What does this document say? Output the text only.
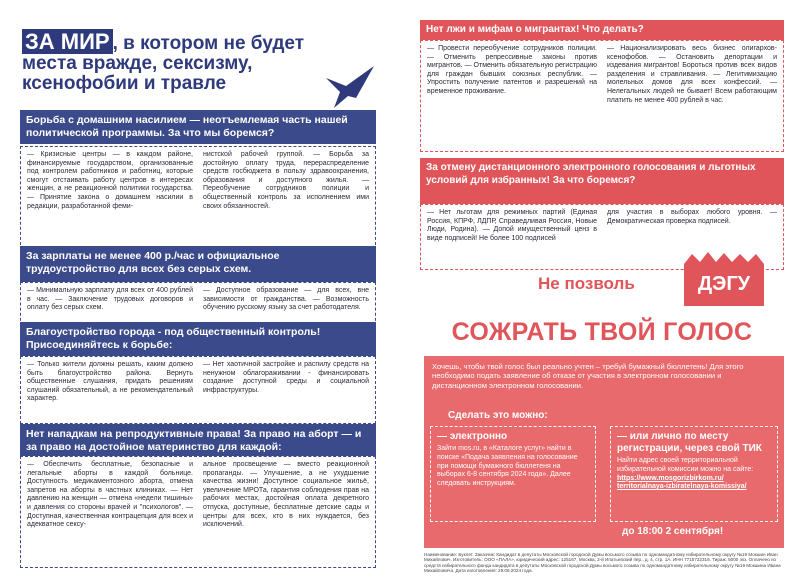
ЗА МИР , в котором не будет места вражде, сексизму, ксенофобии и травле
Борьба с домашним насилием — неотъемлемая часть нашей политической программы. За что мы боремся?
— Кризисные центры — в каждом районе, финансируемые государством, организованные под контролем работников и работниц, которые смогут отстаивать работу центров в интересах женщин, а не реакционной политики государства. — Принятие закона о домашнем насилии в редакции, разработанной феми-
нистской рабочей группой. — Борьба за достойную оплату труда, перераспределение средств госбюджета в пользу здравоохранения, образования и доступного жилья. — Переобучение сотрудников полиции и общественный контроль за исполнением ими своих обязанностей.
За зарплаты не менее 400 р./час и официальное трудоустройство для всех без серых схем.
— Минимальную зарплату для всех от 400 рублей в час. — Заключение трудовых договоров и оплату без серых схем.
— Доступное образование — для всех, вне зависимости от гражданства. — Возможность обучению русскому языку за счет работодателя.
Благоустройство города - под общественный контроль! Присоединяйтесь к борьбе:
— Только жители должны решать, каким должно быть благоустройство района. Вернуть общественные слушания, придать решениям слушаний обязательный, а не рекомендательный характер.
— Нет хаотичной застройке и распилу средств на ненужном облагораживании - финансировать создание доступной среды и социальной инфраструктуры.
Нет нападкам на репродуктивные права! За право на аборт — и за право на достойное материнство для каждой:
— Обеспечить бесплатные, безопасные и легальные аборты в каждой больнице. Доступность медикаментозного аборта, отмена запретов на аборты в частных клиниках. — Нет давлению на женщин — отмена «недели тишины» и давления со стороны врачей и "психологов". — Доступная, качественная контрацепция для всех и адекватное сексу-
альное просвещение — вместо реакционной пропаганды. — Улучшение, а не ухудшение качества жизни! Доступное социальное жильё, увеличение МРОТа, гарантия соблюдения прав на рабочих местах, достойная оплата декретного отпуска, доступные, бесплатные детские сады и центры для всех, кто в них нуждается, без исключений.
Нет лжи и мифам о мигрантах! Что делать?
— Провести переобучение сотрудников полиции. — Отменить репрессивные законы против мигрантов. — Отменить обязательную регистрацию для граждан бывших союзных республик. — Упростить получение патентов и разрешений на временное проживание.
— Национализировать весь бизнес олигархов-ксенофобов. — Остановить депортации и издевания мигрантов! Бороться против всех видов разделения и стравливания. — Легитимизацию молельных домов для всех конфессий. — Нелегальных людей не бывает! Всем работающим платить не менее 400 рублей в час.
За отмену дистанционного электронного голосования и льготных условий для избранных! За что боремся?
— Нет льготам для режимных партий (Единая Россия, КПРФ, ЛДПР, Справедливая Россия, Новые Люди, Родина). — Допой имущественный ценз в виде подписей! Не более 100 подписей
для участия в выборах любого уровня. — Демократическая проверка подписей.
Не позволь	ДЭГУ
СОЖРАТЬ ТВОЙ ГОЛОС
Хочешь, чтобы твой голос был реально учтен – требуй бумажный бюллетень! Для этого необходимо подать заявление об отказе от участия в электронном голосовании и дистанционном электронном голосовании.
Сделать это можно:
— электронно
Зайти mos.ru, в «Каталоге услуг» найти в поиске «Подача заявления на голосование при помощи бумажного бюллетеня на выборах 6-8 сентября 2024 года». Далее следовать инструкциям.
— или лично по месту регистрации, через свой ТИК
Найти адрес своей территориальной избирательной комиссии можно на сайте:
https://www.mosgorizbirkom.ru/
territorialnaya-izbiratelnaya-komissiya/
до 18:00 2 сентября!
Наименование: Буклет. Заказчик: Кандидат в депутаты Московской городской Думы восьмого созыва по одномандатному избирательному округу №19 Мокшин Иван Михайлович. Изготовитель: ООО «ПАЛА», юридический адрес: 125167, Москва, 2-й Ипатьевский пер., д. 4, стр. 1А. ИНН 7715722316. Тираж: 5000 экз. Оплачено из средств избирательного фонда кандидата в депутаты Московской городской Думы восьмого созыва по одномандатному избирательному округу №19 Мокшина Ивана Михайловича. Дата изготовления: 29.08.2024 года.
